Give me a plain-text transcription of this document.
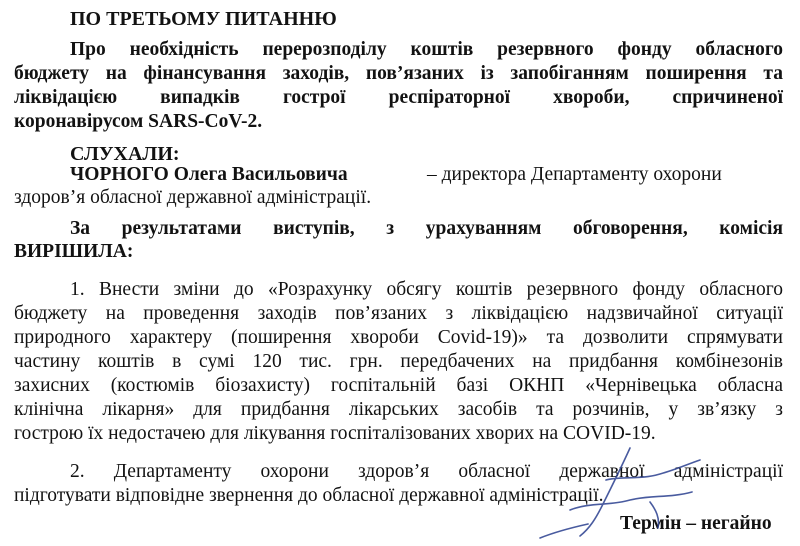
ПО ТРЕТЬОМУ ПИТАННЮ
Про необхідність перерозподілу коштів резервного фонду обласного
бюджету на фінансування заходів, пов’язаних із запобіганням поширення та
ліквідацією випадків гострої респіраторної хвороби, спричиненої
коронавірусом SARS-CoV-2.
СЛУХАЛИ:
ЧОРНОГО Олега Васильовича	– директора Департаменту охорони
здоров’я обласної державної адміністрації.
За результатами виступів, з урахуванням обговорення, комісія
ВИРІШИЛА:
1. Внести зміни до «Розрахунку обсягу коштів резервного фонду обласного
бюджету на проведення заходів пов’язаних з ліквідацією надзвичайної ситуації
природного характеру (поширення хвороби Covid-19)» та дозволити спрямувати
частину коштів в сумі 120 тис. грн. передбачених на придбання комбінезонів
захисних (костюмів біозахисту) госпітальній базі ОКНП «Чернівецька обласна
клінічна лікарня» для придбання лікарських засобів та розчинів, у зв’язку з
гострою їх недостачею для лікування госпіталізованих хворих на COVID-19.
2. Департаменту охорони здоров’я обласної державної адміністрації
підготувати відповідне звернення до обласної державної адміністрації.
Термін – негайно
